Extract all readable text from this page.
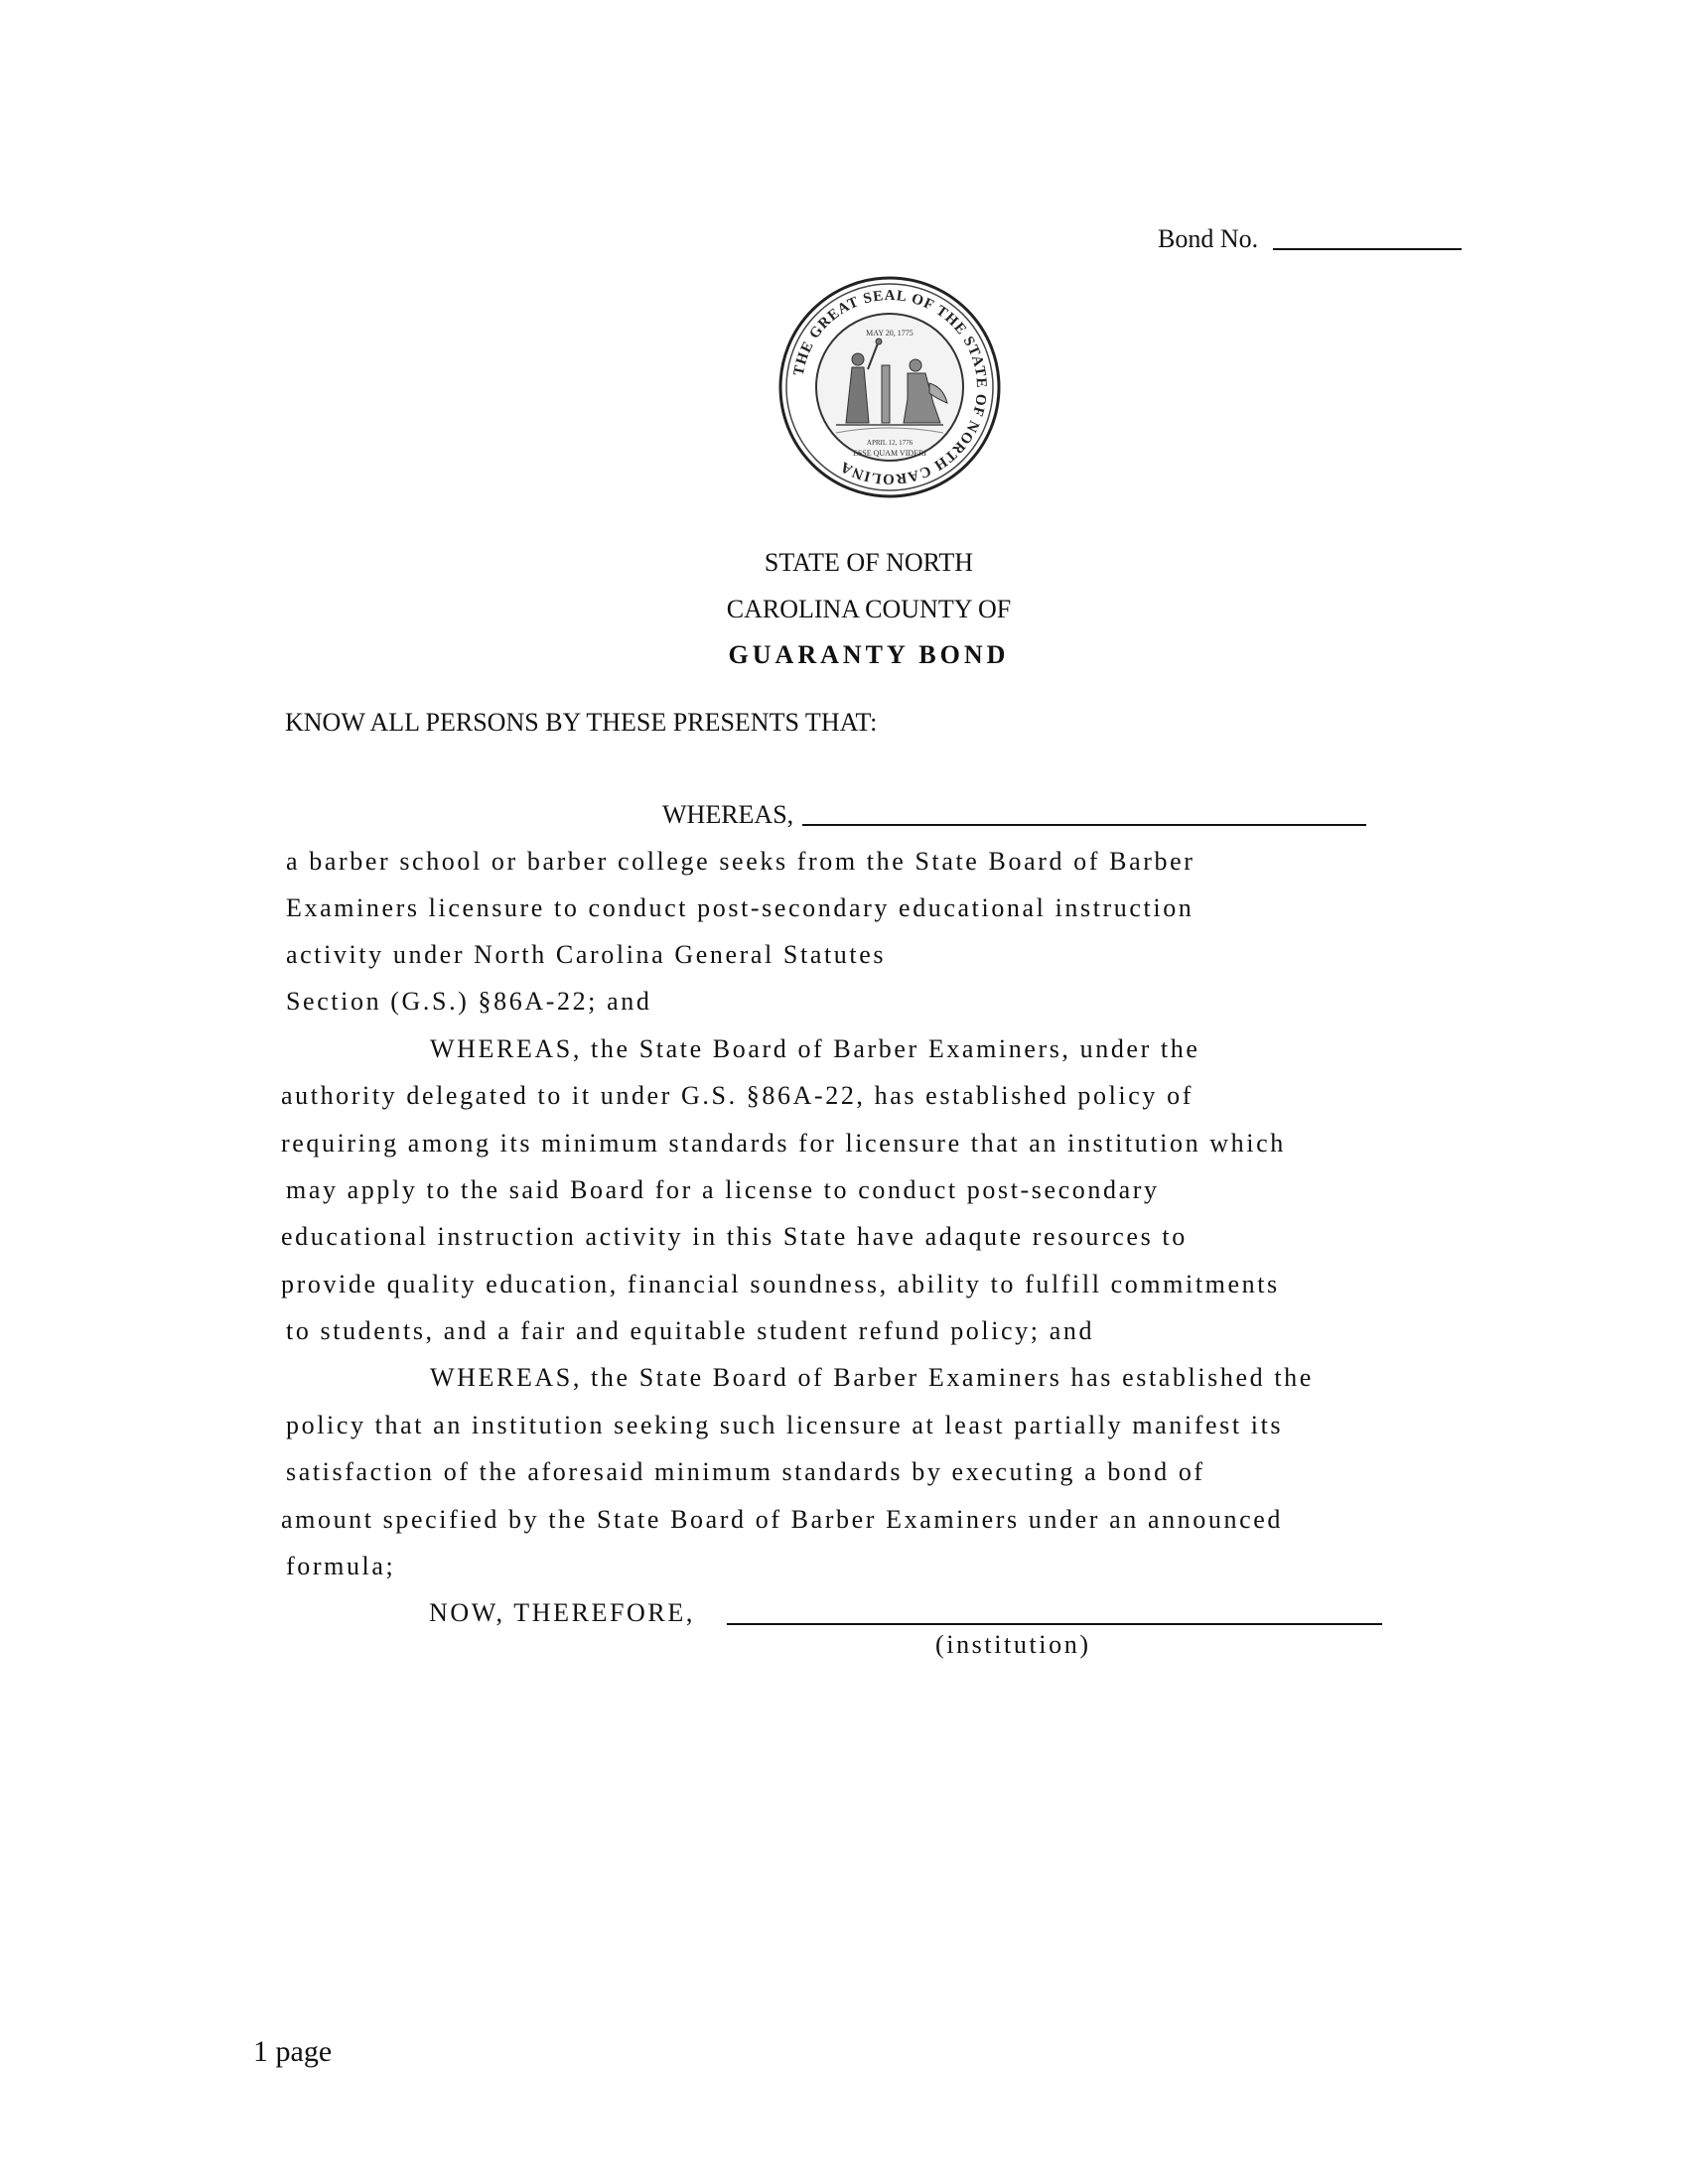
Bond No.
THE GREAT SEAL OF THE STATE OF NORTH CAROLINA
MAY 20, 1775
APRIL 12, 1776
ESSE QUAM VIDERI
STATE OF NORTH
CAROLINA COUNTY OF
GUARANTY BOND
KNOW ALL PERSONS BY THESE PRESENTS THAT:
WHEREAS,
a barber school or barber college seeks from the State Board of Barber
Examiners licensure to conduct post-secondary educational instruction
activity under North Carolina General Statutes
Section (G.S.) §86A-22; and
WHEREAS, the State Board of Barber Examiners, under the
authority delegated to it under G.S. §86A-22, has established policy of
requiring among its minimum standards for licensure that an institution which
may apply to the said Board for a license to conduct post-secondary
educational instruction activity in this State have adaqute resources to
provide quality education, financial soundness, ability to fulfill commitments
to students, and a fair and equitable student refund policy; and
WHEREAS, the State Board of Barber Examiners has established the
policy that an institution seeking such licensure at least partially manifest its
satisfaction of the aforesaid minimum standards by executing a bond of
amount specified by the State Board of Barber Examiners under an announced
formula;
NOW, THEREFORE,
(institution)
1 page
